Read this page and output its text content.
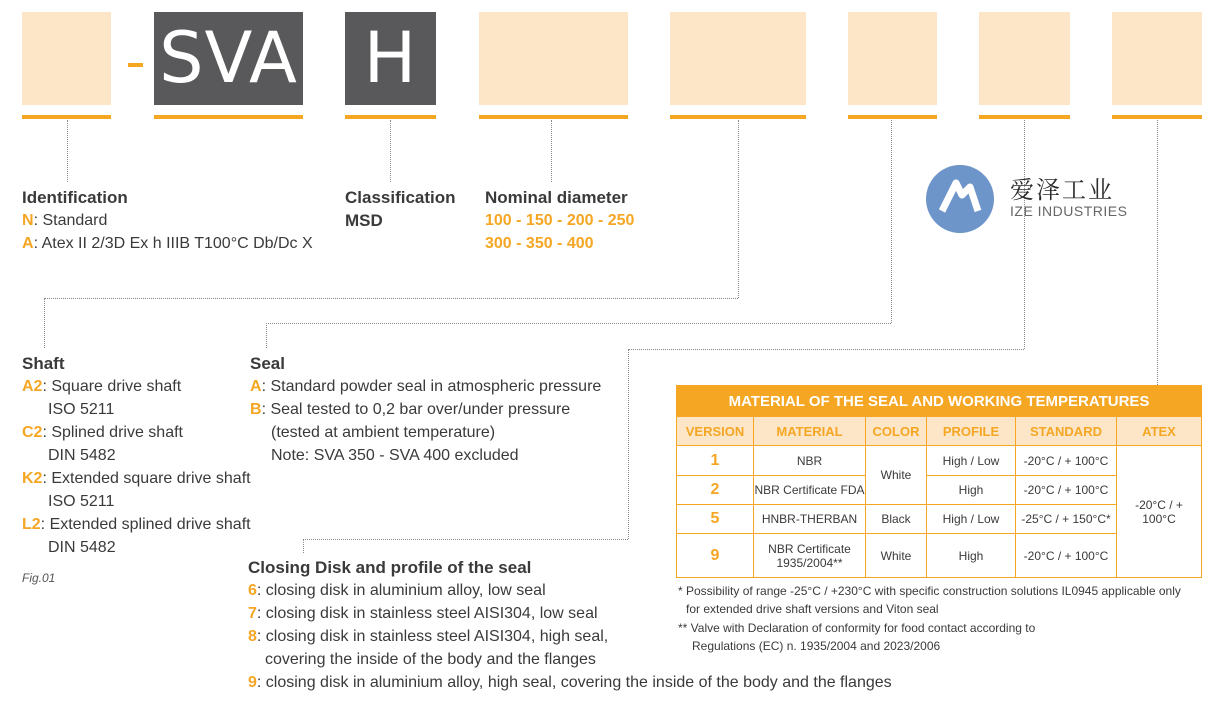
SVA H
Identification
N: Standard
A: Atex II 2/3D Ex h IIIB T100°C Db/Dc X
Classification
MSD
Nominal diameter
100 - 150 - 200 - 250
300 - 350 - 400
爱泽工业
IZE INDUSTRIES
Shaft
A2: Square drive shaft
ISO 5211
C2: Splined drive shaft
DIN 5482
K2: Extended square drive shaft
ISO 5211
L2: Extended splined drive shaft
DIN 5482
Fig.01
Seal
A: Standard powder seal in atmospheric pressure
B: Seal tested to 0,2 bar over/under pressure
(tested at ambient temperature)
Note: SVA 350 - SVA 400 excluded
Closing Disk and profile of the seal
6: closing disk in aluminium alloy, low seal
7: closing disk in stainless steel AISI304, low seal
8: closing disk in stainless steel AISI304, high seal,
covering the inside of the body and the flanges
9: closing disk in aluminium alloy, high seal, covering the inside of the body and the flanges
MATERIAL OF THE SEAL AND WORKING TEMPERATURES					
VERSION	MATERIAL	COLOR	PROFILE	STANDARD	ATEX
1	NBR	White	High / Low	-20°C / + 100°C	-20°C / + 100°C
2	NBR Certificate FDA		High	-20°C / + 100°C	
5	HNBR-THERBAN	Black	High / Low	-25°C / + 150°C*	
9	NBR Certificate
1935/2004**	White	High	-20°C / + 100°C	
* Possibility of range -25°C / +230°C with specific construction solutions IL0945 applicable only
for extended drive shaft versions and Viton seal
** Valve with Declaration of conformity for food contact according to
Regulations (EC) n. 1935/2004 and 2023/2006
